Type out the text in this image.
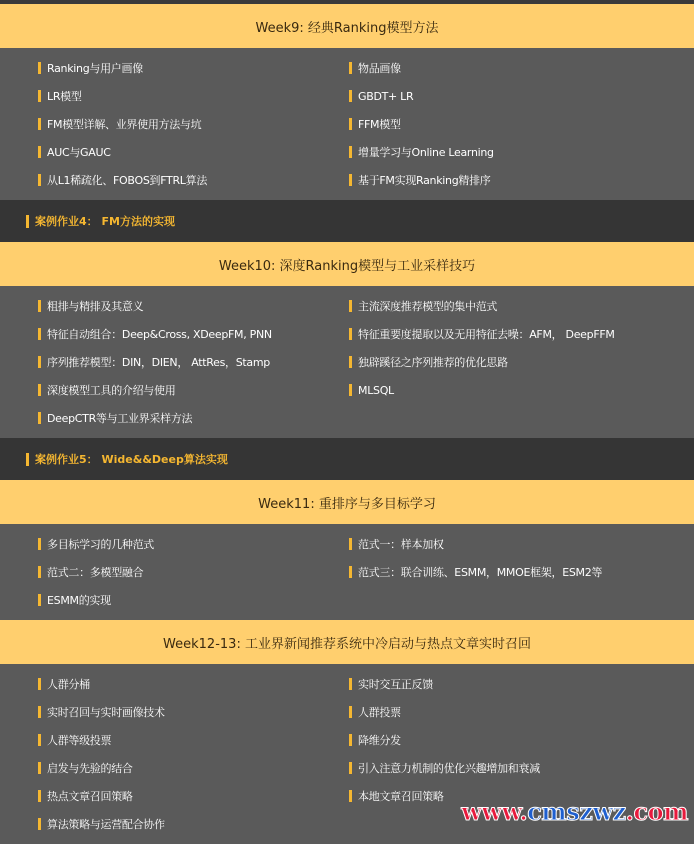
Week9: 经典Ranking模型方法
Ranking与用户画像	物品画像
LR模型	GBDT+ LR
FM模型详解、业界使用方法与坑	FFM模型
AUC与GAUC	增量学习与Online Learning
从L1稀疏化、FOBOS到FTRL算法	基于FM实现Ranking精排序
案例作业4： FM方法的实现
Week10: 深度Ranking模型与工业采样技巧
粗排与精排及其意义	主流深度推荐模型的集中范式
特征自动组合：Deep&Cross, XDeepFM, PNN	特征重要度提取以及无用特征去噪：AFM， DeepFFM
序列推荐模型：DIN，DIEN， AttRes，Stamp	独辟蹊径之序列推荐的优化思路
深度模型工具的介绍与使用	MLSQL
DeepCTR等与工业界采样方法
案例作业5： Wide&&Deep算法实现
Week11: 重排序与多目标学习
多目标学习的几种范式	范式一：样本加权
范式二：多模型融合	范式三：联合训练、ESMM，MMOE框架，ESM2等
ESMM的实现
Week12-13: 工业界新闻推荐系统中冷启动与热点文章实时召回
人群分桶	实时交互正反馈
实时召回与实时画像技术	人群投票
人群等级投票	降维分发
启发与先验的结合	引入注意力机制的优化兴趣增加和衰减
热点文章召回策略	本地文章召回策略
算法策略与运营配合协作	www.cmszwz.com
